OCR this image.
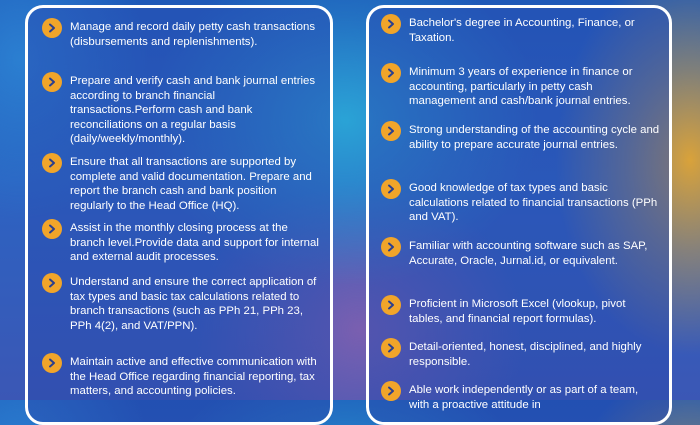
Manage and record daily petty cash transactions (disbursements and replenishments).

Prepare and verify cash and bank journal entries according to branch financial transactions.Perform cash and bank reconciliations on a regular basis (daily/weekly/monthly).

Ensure that all transactions are supported by complete and valid documentation. Prepare and report the branch cash and bank position regularly to the Head Office (HQ).

Assist in the monthly closing process at the branch level.Provide data and support for internal and external audit processes.

Understand and ensure the correct application of tax types and basic tax calculations related to branch transactions (such as PPh 21, PPh 23, PPh 4(2), and VAT/PPN).

Maintain active and effective communication with the Head Office regarding financial reporting, tax matters, and accounting policies.

Bachelor's degree in Accounting, Finance, or Taxation.

Minimum 3 years of experience in finance or accounting, particularly in petty cash management and cash/bank journal entries.

Strong understanding of the accounting cycle and ability to prepare accurate journal entries.

Good knowledge of tax types and basic calculations related to financial transactions (PPh and VAT).

Familiar with accounting software such as SAP, Accurate, Oracle, Jurnal.id, or equivalent.

Proficient in Microsoft Excel (vlookup, pivot tables, and financial report formulas).

Detail-oriented, honest, disciplined, and highly responsible.

Able work independently or as part of a team, with a proactive attitude in
